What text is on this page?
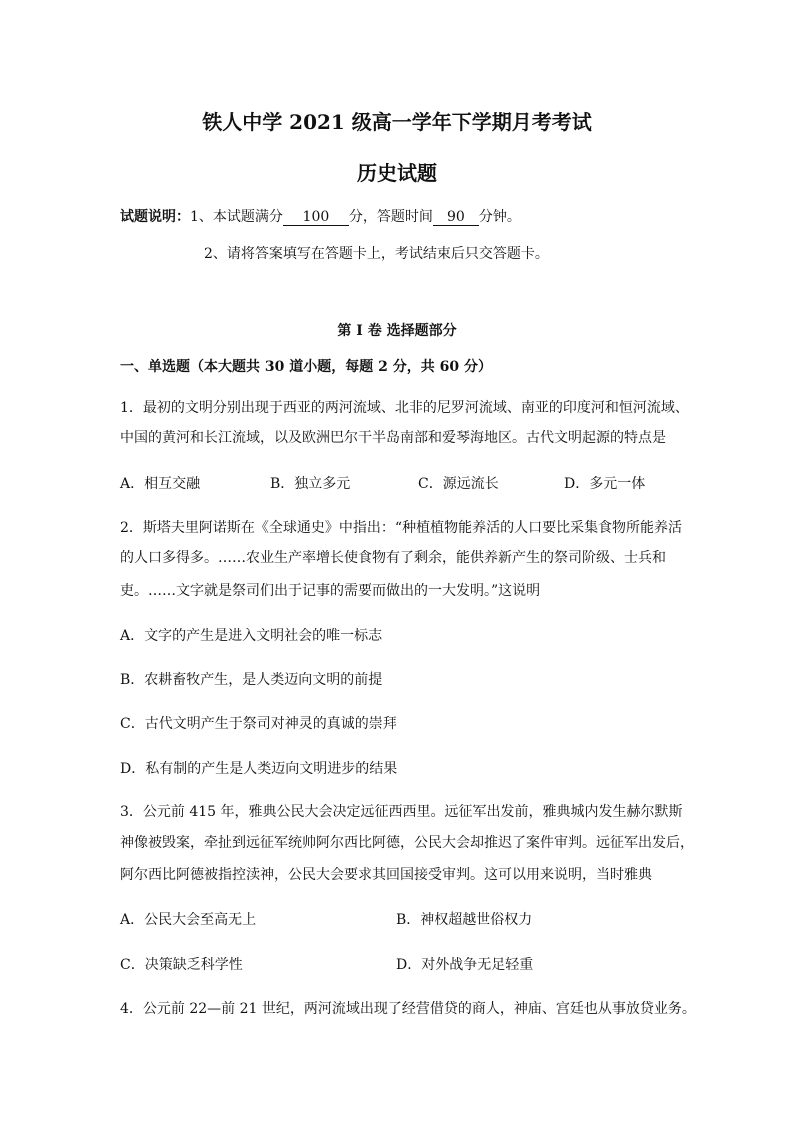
铁人中学 2021 级高一学年下学期月考考试
历史试题
试题说明：1、本试题满分 100 分，答题时间 90 分钟。
2、请将答案填写在答题卡上，考试结束后只交答题卡。
第 I 卷 选择题部分
一、单选题（本大题共 30 道小题，每题 2 分，共 60 分）
1．最初的文明分别出现于西亚的两河流域、北非的尼罗河流域、南亚的印度河和恒河流域、
中国的黄河和长江流域，以及欧洲巴尔干半岛南部和爱琴海地区。古代文明起源的特点是
A．相互交融	B．独立多元	C．源远流长	D．多元一体
2．斯塔夫里阿诺斯在《全球通史》中指出：“种植植物能养活的人口要比采集食物所能养活
的人口多得多。……农业生产率增长使食物有了剩余，能供养新产生的祭司阶级、士兵和
吏。……文字就是祭司们出于记事的需要而做出的一大发明。”这说明
A．文字的产生是进入文明社会的唯一标志
B．农耕畜牧产生，是人类迈向文明的前提
C．古代文明产生于祭司对神灵的真诚的崇拜
D．私有制的产生是人类迈向文明进步的结果
3．公元前 415 年，雅典公民大会决定远征西西里。远征军出发前，雅典城内发生赫尔默斯
神像被毁案，牵扯到远征军统帅阿尔西比阿德，公民大会却推迟了案件审判。远征军出发后，
阿尔西比阿德被指控渎神，公民大会要求其回国接受审判。这可以用来说明，当时雅典
A．公民大会至高无上	B．神权超越世俗权力
C．决策缺乏科学性	D．对外战争无足轻重
4．公元前 22—前 21 世纪，两河流域出现了经营借贷的商人，神庙、宫廷也从事放贷业务。
